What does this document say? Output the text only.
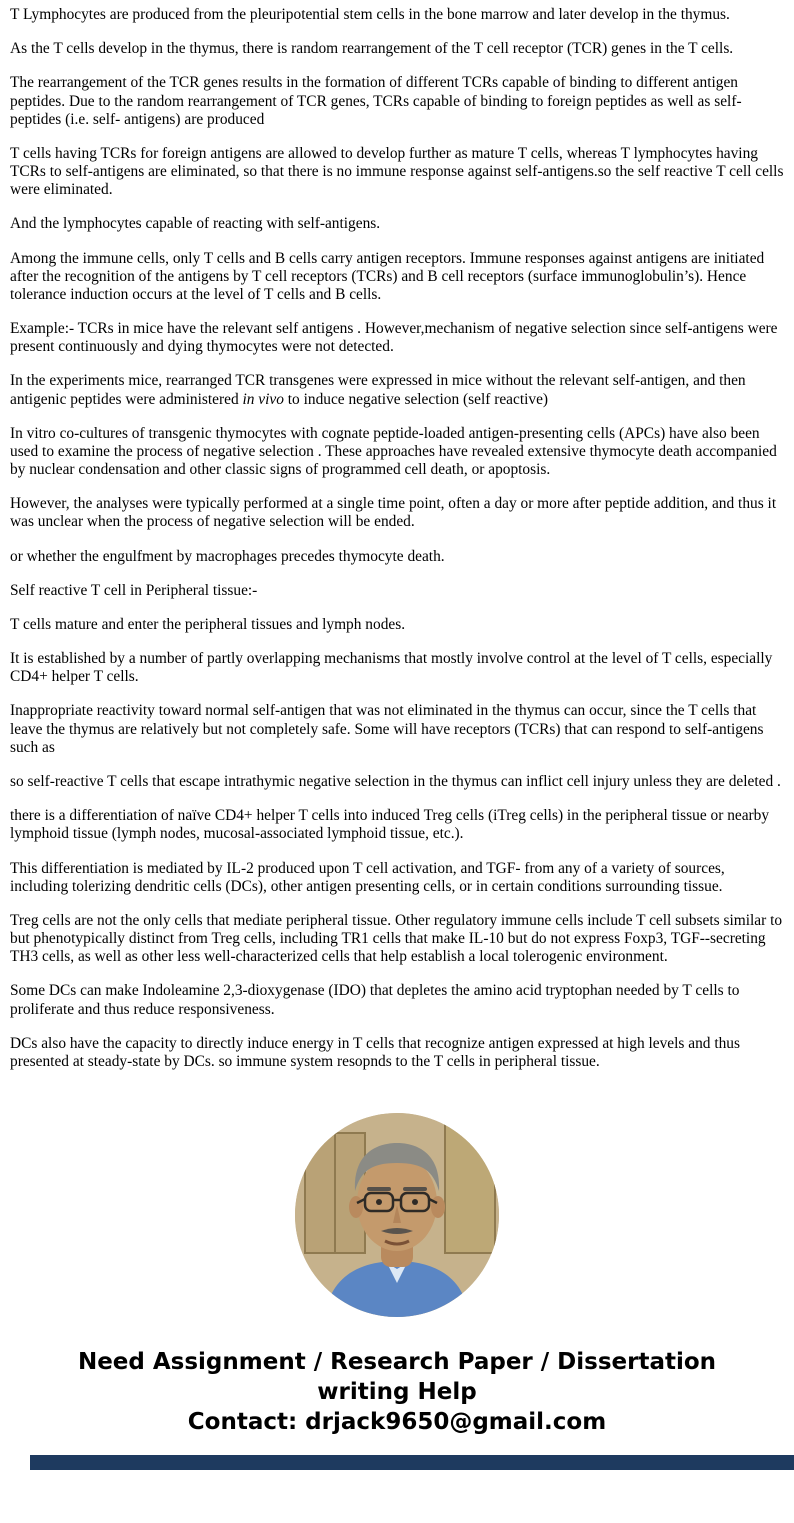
T Lymphocytes are produced from the pleuripotential stem cells in the bone marrow and later develop in the thymus.

As the T cells develop in the thymus, there is random rearrangement of the T cell receptor (TCR) genes in the T cells.

The rearrangement of the TCR genes results in the formation of different TCRs capable of binding to different antigen peptides. Due to the random rearrangement of TCR genes, TCRs capable of binding to foreign peptides as well as self-peptides (i.e. self- antigens) are produced

T cells having TCRs for foreign antigens are allowed to develop further as mature T cells, whereas T lymphocytes having TCRs to self-antigens are eliminated, so that there is no immune response against self-antigens.so the self reactive T cell cells were eliminated.

And the lymphocytes capable of reacting with self-antigens.

Among the immune cells, only T cells and B cells carry antigen receptors. Immune responses against antigens are initiated after the recognition of the antigens by T cell receptors (TCRs) and B cell receptors (surface immunoglobulin’s). Hence tolerance induction occurs at the level of T cells and B cells.

Example:- TCRs in mice have the relevant self antigens . However,mechanism of negative selection since self-antigens were present continuously and dying thymocytes were not detected.

In the experiments mice, rearranged TCR transgenes were expressed in mice without the relevant self-antigen, and then antigenic peptides were administered in vivo to induce negative selection (self reactive)

In vitro co-cultures of transgenic thymocytes with cognate peptide-loaded antigen-presenting cells (APCs) have also been used to examine the process of negative selection . These approaches have revealed extensive thymocyte death accompanied by nuclear condensation and other classic signs of programmed cell death, or apoptosis.

However, the analyses were typically performed at a single time point, often a day or more after peptide addition, and thus it was unclear when the process of negative selection will be ended.

or whether the engulfment by macrophages precedes thymocyte death.

Self reactive T cell in Peripheral tissue:-

T cells mature and enter the peripheral tissues and lymph nodes.

It is established by a number of partly overlapping mechanisms that mostly involve control at the level of T cells, especially CD4+ helper T cells.

Inappropriate reactivity toward normal self-antigen that was not eliminated in the thymus can occur, since the T cells that leave the thymus are relatively but not completely safe. Some will have receptors (TCRs) that can respond to self-antigens such as

so self-reactive T cells that escape intrathymic negative selection in the thymus can inflict cell injury unless they are deleted .

there is a differentiation of naïve CD4+ helper T cells into induced Treg cells (iTreg cells) in the peripheral tissue or nearby lymphoid tissue (lymph nodes, mucosal-associated lymphoid tissue, etc.).

This differentiation is mediated by IL-2 produced upon T cell activation, and TGF- from any of a variety of sources, including tolerizing dendritic cells (DCs), other antigen presenting cells, or in certain conditions surrounding tissue.

Treg cells are not the only cells that mediate peripheral tissue. Other regulatory immune cells include T cell subsets similar to but phenotypically distinct from Treg cells, including TR1 cells that make IL-10 but do not express Foxp3, TGF--secreting TH3 cells, as well as other less well-characterized cells that help establish a local tolerogenic environment.

Some DCs can make Indoleamine 2,3-dioxygenase (IDO) that depletes the amino acid tryptophan needed by T cells to proliferate and thus reduce responsiveness.

DCs also have the capacity to directly induce energy in T cells that recognize antigen expressed at high levels and thus presented at steady-state by DCs. so immune system resopnds to the T cells in peripheral tissue.

Need Assignment / Research Paper / Dissertation
writing Help
Contact: drjack9650@gmail.com
